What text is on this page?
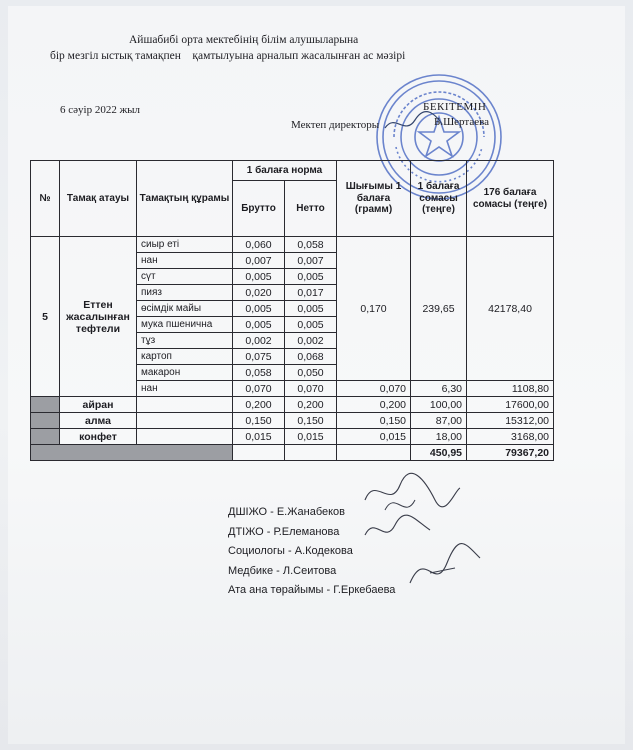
Айшабибі орта мектебінің білім алушыларына
бір мезгіл ыстық тамақпен    қамтылуына арналып жасалынған ас мәзірі
6 сәуір 2022 жыл	БЕКІТЕМІН
Мектеп директоры	Б.Шертаева
№	Тамақ атауы	Тамақтың құрамы	1 балаға норма		Шығымы 1 балаға (грамм)	1 балаға сомасы (теңге)	176 балаға сомасы (теңге)
			Брутто	Нетто			
5	Еттен жасалынған тефтели	сиыр еті	0,060	0,058	0,170	239,65	42178,40
		нан	0,007	0,007			
		сүт	0,005	0,005			
		пияз	0,020	0,017			
		өсімдік майы	0,005	0,005			
		мука пшенична	0,005	0,005			
		тұз	0,002	0,002			
		картоп	0,075	0,068			
		макарон	0,058	0,050			
		нан	0,070	0,070	0,070	6,30	1108,80
	айран		0,200	0,200	0,200	100,00	17600,00
	алма		0,150	0,150	0,150	87,00	15312,00
	конфет		0,015	0,015	0,015	18,00	3168,00
						450,95	79367,20
ДШІЖО - Е.Жанабеков
ДТІЖО - Р.Елеманова
Социологы - А.Кодекова
Медбике - Л.Сеитова
Ата ана төрайымы - Г.Еркебаева
